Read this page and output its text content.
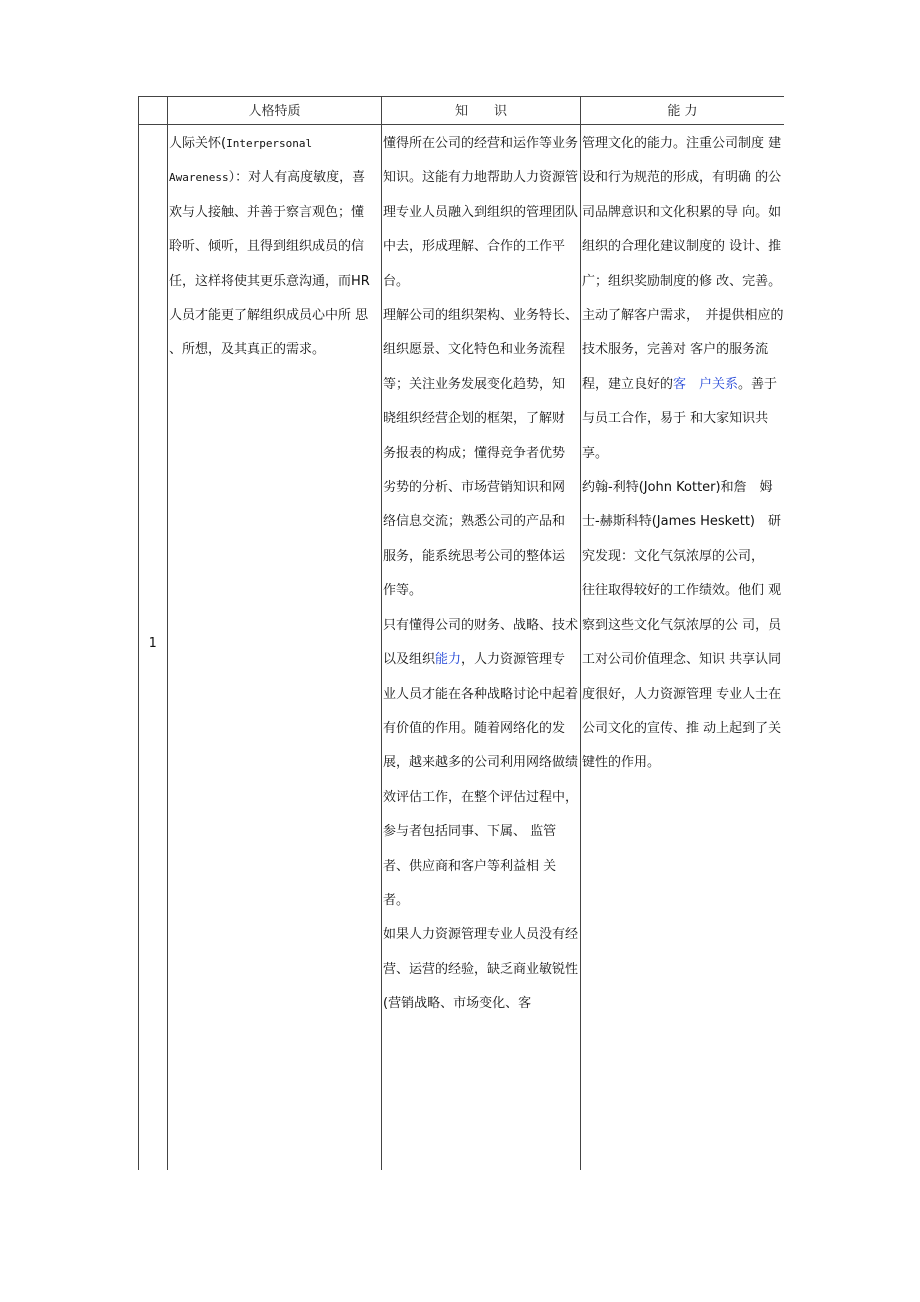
人格特质	知　　识	能 力
1
人际关怀(Interpersonal
Awareness）：对人有高度敏度，喜
欢与人接触、并善于察言观色；懂
聆听、倾听，且得到组织成员的信
任，这样将使其更乐意沟通，而HR
人员才能更了解组织成员心中所 思
、所想，及其真正的需求。

懂得所在公司的经营和运作等业务知识。这能有力地帮助人力资源管理专业人员融入到组织的管理团队中去，形成理解、合作的工作平台。

理解公司的组织架构、业务特长、 组织愿景、文化特色和业务流程 等；关注业务发展变化趋势，知 晓组织经营企划的框架，了解财 务报表的构成；懂得竞争者优势 劣势的分析、市场营销知识和网 络信息交流；熟悉公司的产品和 服务，能系统思考公司的整体运 作等。

只有懂得公司的财务、战略、技术以及组织能力，人力资源管理专业人员才能在各种战略讨论中起着有价值的作用。随着网络化的发展，越来越多的公司利用网络做绩效评估工作，在整个评估过程中，参与者包括同事、下属、 监管者、供应商和客户等利益相 关者。

如果人力资源管理专业人员没有经营、运营的经验，缺乏商业敏锐性(营销战略、市场变化、客

管理文化的能力。注重公司制度 建设和行为规范的形成，有明确 的公司品牌意识和文化积累的导 向。如组织的合理化建议制度的 设计、推广；组织奖励制度的修 改、完善。

主动了解客户需求，　并提供相应的技术服务，完善对 客户的服务流程，建立良好的客　户关系。善于与员工合作，易于 和大家知识共享。

约翰-利特(John Kotter)和詹　姆士-赫斯科特(James Heskett)　研究发现：文化气氛浓厚的公司，

往往取得较好的工作绩效。他们 观察到这些文化气氛浓厚的公 司，员工对公司价值理念、知识 共享认同度很好，人力资源管理 专业人士在公司文化的宣传、推 动上起到了关键性的作用。
